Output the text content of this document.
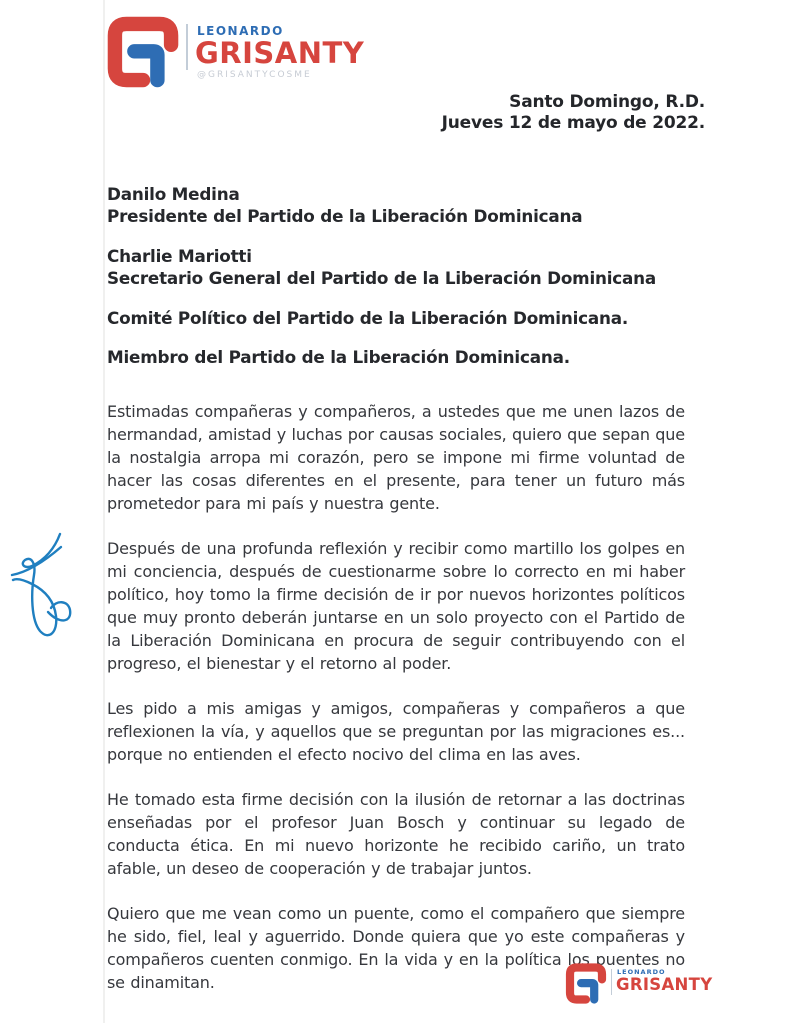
LEONARDO
GRISANTY
@GRISANTYCOSME
Santo Domingo, R.D.
Jueves 12 de mayo de 2022.
Danilo Medina
Presidente del Partido de la Liberación Dominicana
Charlie Mariotti
Secretario General del Partido de la Liberación Dominicana
Comité Político del Partido de la Liberación Dominicana.
Miembro del Partido de la Liberación Dominicana.

Estimadas compañeras y compañeros, a ustedes que me unen lazos de hermandad, amistad y luchas por causas sociales, quiero que sepan que la nostalgia arropa mi corazón, pero se impone mi firme voluntad de hacer las cosas diferentes en el presente, para tener un futuro más prometedor para mi país y nuestra gente.

Después de una profunda reflexión y recibir como martillo los golpes en mi conciencia, después de cuestionarme sobre lo correcto en mi haber político, hoy tomo la firme decisión de ir por nuevos horizontes políticos que muy pronto deberán juntarse en un solo proyecto con el Partido de la Liberación Dominicana en procura de seguir contribuyendo con el progreso, el bienestar y el retorno al poder.

Les pido a mis amigas y amigos, compañeras y compañeros a que reflexionen la vía, y aquellos que se preguntan por las migraciones es... porque no entienden el efecto nocivo del clima en las aves.

He tomado esta firme decisión con la ilusión de retornar a las doctrinas enseñadas por el profesor Juan Bosch y continuar su legado de conducta ética. En mi nuevo horizonte he recibido cariño, un trato afable, un deseo de cooperación y de trabajar juntos.

Quiero que me vean como un puente, como el compañero que siempre he sido, fiel, leal y aguerrido. Donde quiera que yo este compañeras y compañeros cuenten conmigo. En la vida y en la política los puentes no se dinamitan.

LEONARDO
GRISANTY
